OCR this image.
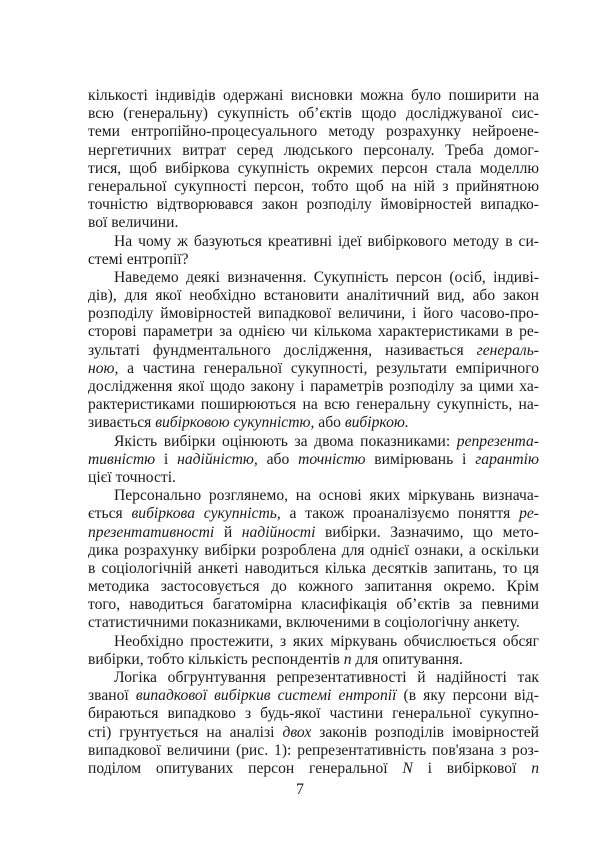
кількості індивідів одержані висновки можна було поширити на
всю (генеральну) сукупність об’єктів щодо досліджуваної сис-
теми ентропійно-процесуального методу розрахунку нейроене-
нергетичних витрат серед людського персоналу. Треба домог-
тися, щоб вибіркова сукупність окремих персон стала моделлю
генеральної сукупності персон, тобто щоб на ній з прийнятною
точністю відтворювався закон розподілу ймовірностей випадко-
вої величини.
На чому ж базуються креативні ідеї вибіркового методу в си-
стемі ентропії?
Наведемо деякі визначення. Сукупність персон (осіб, індиві-
дів), для якої необхідно встановити аналітичний вид, або закон
розподілу ймовірностей випадкової величини, і його часово-про-
сторові параметри за однією чи кількома характеристиками в ре-
зультаті фундментального дослідження, називається генераль-
ною, а частина генеральної сукупності, результати емпіричного
дослідження якої щодо закону і параметрів розподілу за цими ха-
рактеристиками поширюються на всю генеральну сукупність, на-
зивається вибірковою сукупністю, або вибіркою.
Якість вибірки оцінюють за двома показниками: репрезента-
тивністю і надійністю, або точністю вимірювань і гарантію
цієї точності.
Персонально розглянемо, на основі яких міркувань визнача-
ється вибіркова сукупність, а також проаналізуємо поняття ре-
презентативності й надійності вибірки. Зазначимо, що мето-
дика розрахунку вибірки розроблена для однієї ознаки, а оскільки
в соціологічній анкеті наводиться кілька десятків запитань, то ця
методика застосовується до кожного запитання окремо. Крім
того, наводиться багатомірна класифікація об’єктів за певними
статистичними показниками, включеними в соціологічну анкету.
Необхідно простежити, з яких міркувань обчислюється обсяг
вибірки, тобто кількість респондентів n для опитування.
Логіка обгрунтування репрезентативності й надійності так
званої випадкової вибіркив системі ентропії (в яку персони від-
бираються випадково з будь-якої частини генеральної сукупно-
сті) грунтується на аналізі двох законів розподілів імовірностей
випадкової величини (рис. 1): репрезентативність пов'язана з роз-
поділом опитуваних персон генеральної N і вибіркової n
7
